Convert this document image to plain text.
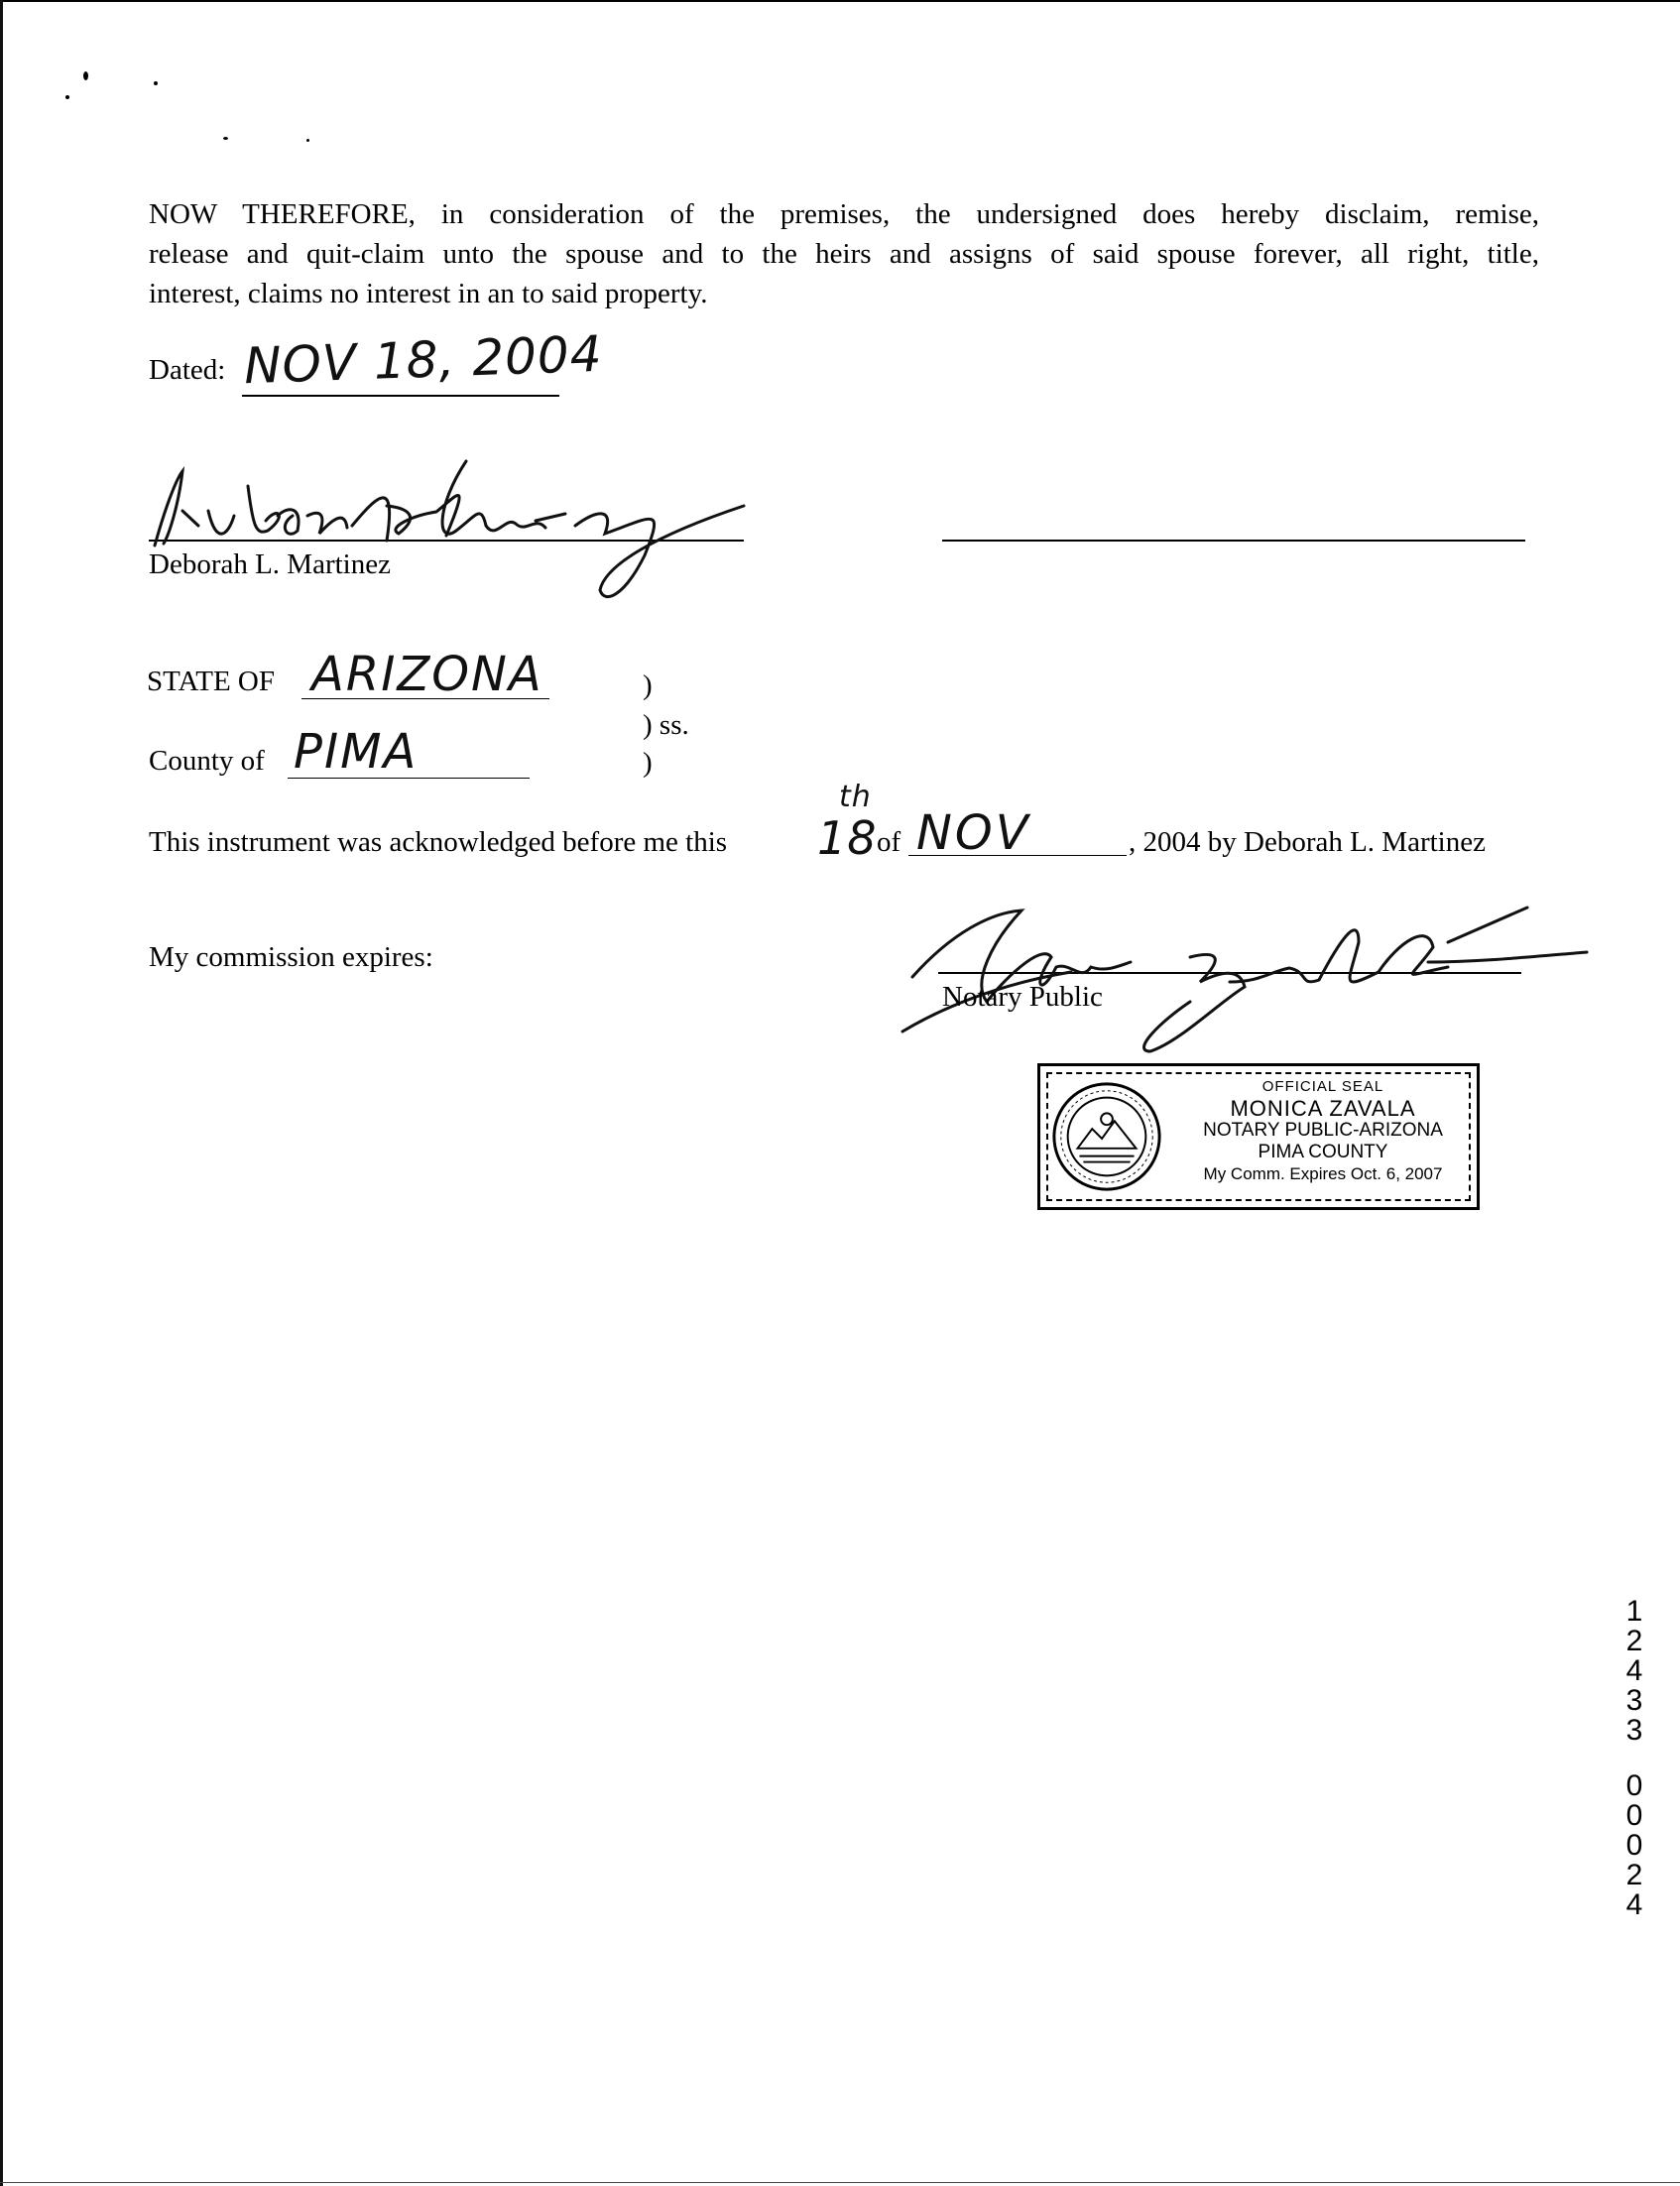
NOW THEREFORE, in consideration of the premises, the undersigned does hereby disclaim, remise,
release and quit-claim unto the spouse and to the heirs and assigns of said spouse forever, all right, title,
interest, claims no interest in an to said property.
Dated: NOV 18, 2004
Deborah L. Martinez
STATE OF ARIZONA	)
) ss.
)
County of PIMA
This instrument was acknowledged before me this 18
th
of NOV	, 2004 by Deborah L. Martinez
My commission expires:
Notary Public
OFFICIAL SEAL
MONICA ZAVALA
NOTARY PUBLIC-ARIZONA
PIMA COUNTY
My Comm. Expires Oct. 6, 2007
1
2
4
3
3
0
0
0
2
4
